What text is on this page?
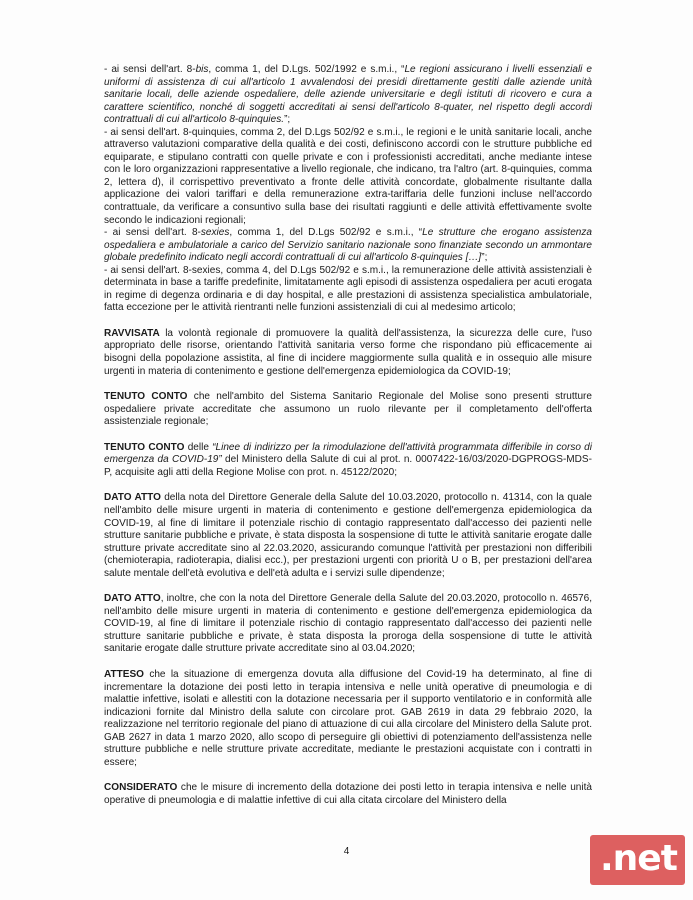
- ai sensi dell'art. 8-bis, comma 1, del D.Lgs. 502/1992 e s.m.i., “Le regioni assicurano i livelli essenziali e uniformi di assistenza di cui all'articolo 1 avvalendosi dei presidi direttamente gestiti dalle aziende unità sanitarie locali, delle aziende ospedaliere, delle aziende universitarie e degli istituti di ricovero e cura a carattere scientifico, nonché di soggetti accreditati ai sensi dell'articolo 8-quater, nel rispetto degli accordi contrattuali di cui all'articolo 8-quinquies.”;

- ai sensi dell'art. 8-quinquies, comma 2, del D.Lgs 502/92 e s.m.i., le regioni e le unità sanitarie locali, anche attraverso valutazioni comparative della qualità e dei costi, definiscono accordi con le strutture pubbliche ed equiparate, e stipulano contratti con quelle private e con i professionisti accreditati, anche mediante intese con le loro organizzazioni rappresentative a livello regionale, che indicano, tra l'altro (art. 8-quinquies, comma 2, lettera d), il corrispettivo preventivato a fronte delle attività concordate, globalmente risultante dalla applicazione dei valori tariffari e della remunerazione extra-tariffaria delle funzioni incluse nell'accordo contrattuale, da verificare a consuntivo sulla base dei risultati raggiunti e delle attività effettivamente svolte secondo le indicazioni regionali;

- ai sensi dell'art. 8-sexies, comma 1, del D.Lgs 502/92 e s.m.i., “Le strutture che erogano assistenza ospedaliera e ambulatoriale a carico del Servizio sanitario nazionale sono finanziate secondo un ammontare globale predefinito indicato negli accordi contrattuali di cui all'articolo 8-quinquies […]”;

- ai sensi dell'art. 8-sexies, comma 4, del D.Lgs 502/92 e s.m.i., la remunerazione delle attività assistenziali è determinata in base a tariffe predefinite, limitatamente agli episodi di assistenza ospedaliera per acuti erogata in regime di degenza ordinaria e di day hospital, e alle prestazioni di assistenza specialistica ambulatoriale, fatta eccezione per le attività rientranti nelle funzioni assistenziali di cui al medesimo articolo;

RAVVISATA la volontà regionale di promuovere la qualità dell'assistenza, la sicurezza delle cure, l'uso appropriato delle risorse, orientando l'attività sanitaria verso forme che rispondano più efficacemente ai bisogni della popolazione assistita, al fine di incidere maggiormente sulla qualità e in ossequio alle misure urgenti in materia di contenimento e gestione dell'emergenza epidemiologica da COVID-19;

TENUTO CONTO che nell'ambito del Sistema Sanitario Regionale del Molise sono presenti strutture ospedaliere private accreditate che assumono un ruolo rilevante per il completamento dell'offerta assistenziale regionale;

TENUTO CONTO delle “Linee di indirizzo per la rimodulazione dell'attività programmata differibile in corso di emergenza da COVID-19” del Ministero della Salute di cui al prot. n. 0007422-16/03/2020-DGPROGS-MDS-P, acquisite agli atti della Regione Molise con prot. n. 45122/2020;

DATO ATTO della nota del Direttore Generale della Salute del 10.03.2020, protocollo n. 41314, con la quale nell'ambito delle misure urgenti in materia di contenimento e gestione dell'emergenza epidemiologica da COVID-19, al fine di limitare il potenziale rischio di contagio rappresentato dall'accesso dei pazienti nelle strutture sanitarie pubbliche e private, è stata disposta la sospensione di tutte le attività sanitarie erogate dalle strutture private accreditate sino al 22.03.2020, assicurando comunque l'attività per prestazioni non differibili (chemioterapia, radioterapia, dialisi ecc.), per prestazioni urgenti con priorità U o B, per prestazioni dell'area salute mentale dell'età evolutiva e dell'età adulta e i servizi sulle dipendenze;

DATO ATTO, inoltre, che con la nota del Direttore Generale della Salute del 20.03.2020, protocollo n. 46576, nell'ambito delle misure urgenti in materia di contenimento e gestione dell'emergenza epidemiologica da COVID-19, al fine di limitare il potenziale rischio di contagio rappresentato dall'accesso dei pazienti nelle strutture sanitarie pubbliche e private, è stata disposta la proroga della sospensione di tutte le attività sanitarie erogate dalle strutture private accreditate sino al 03.04.2020;

ATTESO che la situazione di emergenza dovuta alla diffusione del Covid-19 ha determinato, al fine di incrementare la dotazione dei posti letto in terapia intensiva e nelle unità operative di pneumologia e di malattie infettive, isolati e allestiti con la dotazione necessaria per il supporto ventilatorio e in conformità alle indicazioni fornite dal Ministro della salute con circolare prot. GAB 2619 in data 29 febbraio 2020, la realizzazione nel territorio regionale del piano di attuazione di cui alla circolare del Ministero della Salute prot. GAB 2627 in data 1 marzo 2020, allo scopo di perseguire gli obiettivi di potenziamento dell'assistenza nelle strutture pubbliche e nelle strutture private accreditate, mediante le prestazioni acquistate con i contratti in essere;

CONSIDERATO che le misure di incremento della dotazione dei posti letto in terapia intensiva e nelle unità operative di pneumologia e di malattie infettive di cui alla citata circolare del Ministero della

4	.net
